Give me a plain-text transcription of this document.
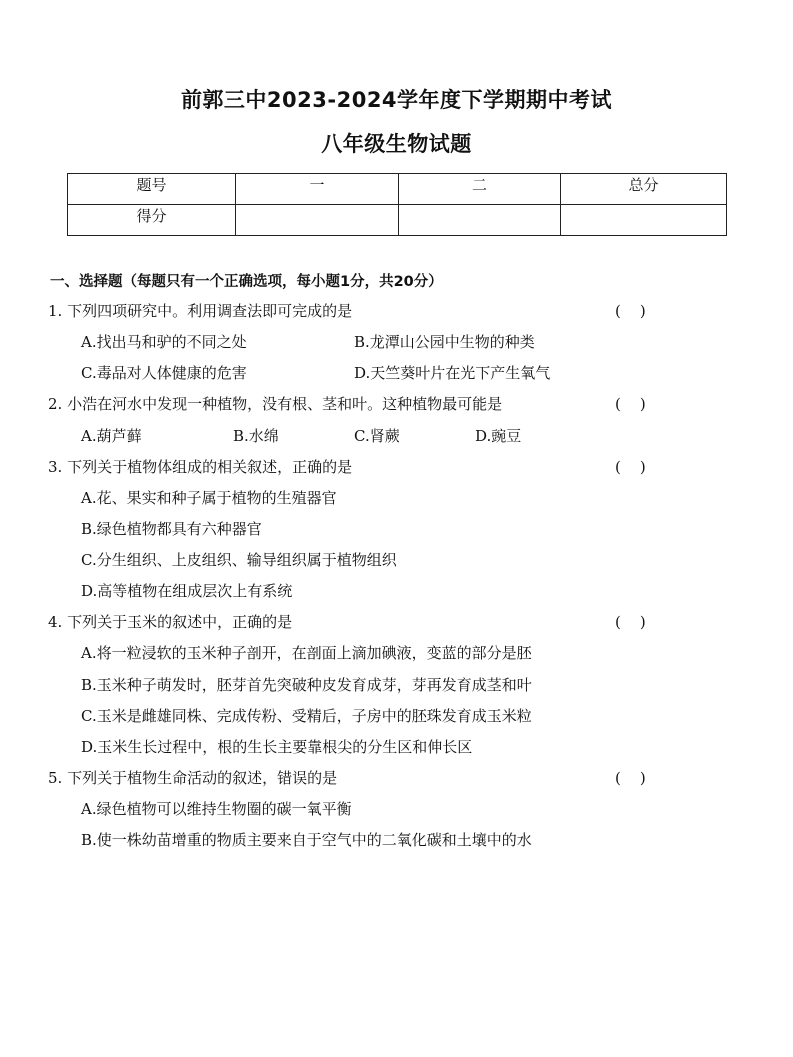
前郭三中2023-2024学年度下学期期中考试
八年级生物试题
题号	一	二	总分
得分			
一、选择题（每题只有一个正确选项，每小题1分，共20分）
1. 下列四项研究中。利用调查法即可完成的是	(    )
A.找出马和驴的不同之处	B.龙潭山公园中生物的种类
C.毒品对人体健康的危害	D.天竺葵叶片在光下产生氧气
2. 小浩在河水中发现一种植物，没有根、茎和叶。这种植物最可能是	(    )
A.葫芦藓	B.水绵	C.肾蕨	D.豌豆
3. 下列关于植物体组成的相关叙述，正确的是	(    )
A.花、果实和种子属于植物的生殖器官
B.绿色植物都具有六种器官
C.分生组织、上皮组织、输导组织属于植物组织
D.高等植物在组成层次上有系统
4. 下列关于玉米的叙述中，正确的是	(    )
A.将一粒浸软的玉米种子剖开，在剖面上滴加碘液，变蓝的部分是胚
B.玉米种子萌发时，胚芽首先突破种皮发育成芽，芽再发育成茎和叶
C.玉米是雌雄同株、完成传粉、受精后，子房中的胚珠发育成玉米粒
D.玉米生长过程中，根的生长主要靠根尖的分生区和伸长区
5. 下列关于植物生命活动的叙述，错误的是	(    )
A.绿色植物可以维持生物圈的碳一氧平衡
B.使一株幼苗增重的物质主要来自于空气中的二氧化碳和土壤中的水
